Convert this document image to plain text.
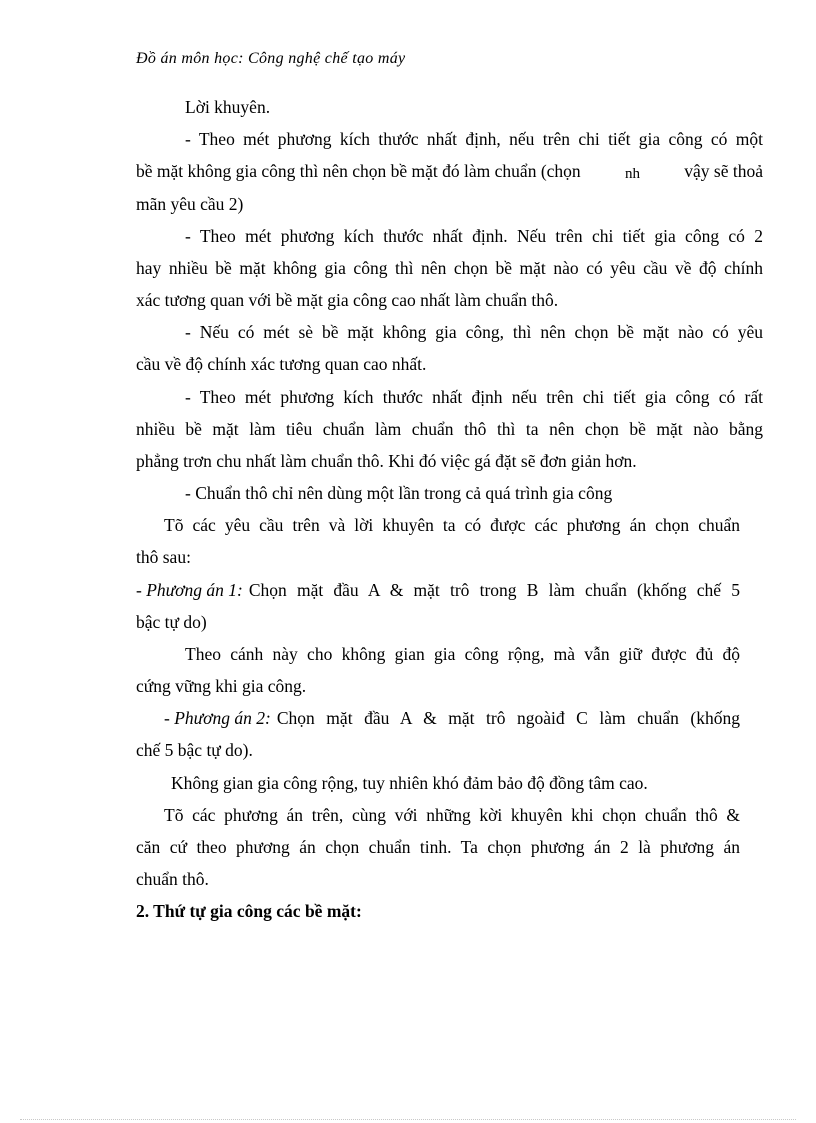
Đồ án môn học: Công nghệ chế tạo máy
Lời khuyên.
- Theo mét phương kích thước nhất định, nếu trên chi tiết gia công có một
bề mặt không gia công thì nên chọn bề mặt đó làm chuẩn (chọn	nh	vậy sẽ thoả
mãn yêu cầu 2)
- Theo mét phương kích thước nhất định. Nếu trên chi tiết gia công có 2
hay nhiều bề mặt không gia công thì nên chọn bề mặt nào có yêu cầu về độ chính
xác tương quan với bề mặt gia công cao nhất làm chuẩn thô.
- Nếu có mét sè bề mặt không gia công, thì nên chọn bề mặt nào có yêu
cầu về độ chính xác tương quan cao nhất.
- Theo mét phương kích thước nhất định nếu trên chi tiết gia công có rất
nhiều bề mặt làm tiêu chuẩn làm chuẩn thô thì ta nên chọn bề mặt nào bằng
phẳng trơn chu nhất làm chuẩn thô. Khi đó việc gá đặt sẽ đơn giản hơn.
- Chuẩn thô chỉ nên dùng một lần trong cả quá trình gia công
Tõ các yêu cầu trên và lời khuyên ta có được các phương án chọn chuẩn
thô sau:
- Phương án 1: Chọn mặt đầu A & mặt trô trong B làm chuẩn (khống chế 5
bậc tự do)
Theo cánh này cho không gian gia công rộng, mà vẫn giữ được đủ độ
cứng vững khi gia công.
- Phương án 2: Chọn mặt đầu A & mặt trô ngoàiđ C làm chuẩn (khống
chế 5 bậc tự do).
Không gian gia công rộng, tuy nhiên khó đảm bảo độ đồng tâm cao.
Tõ các phương án trên, cùng với những kời khuyên khi chọn chuẩn thô &
căn cứ theo phương án chọn chuẩn tinh. Ta chọn phương án 2 là phương án
chuẩn thô.
2. Thứ tự gia công các bề mặt:
